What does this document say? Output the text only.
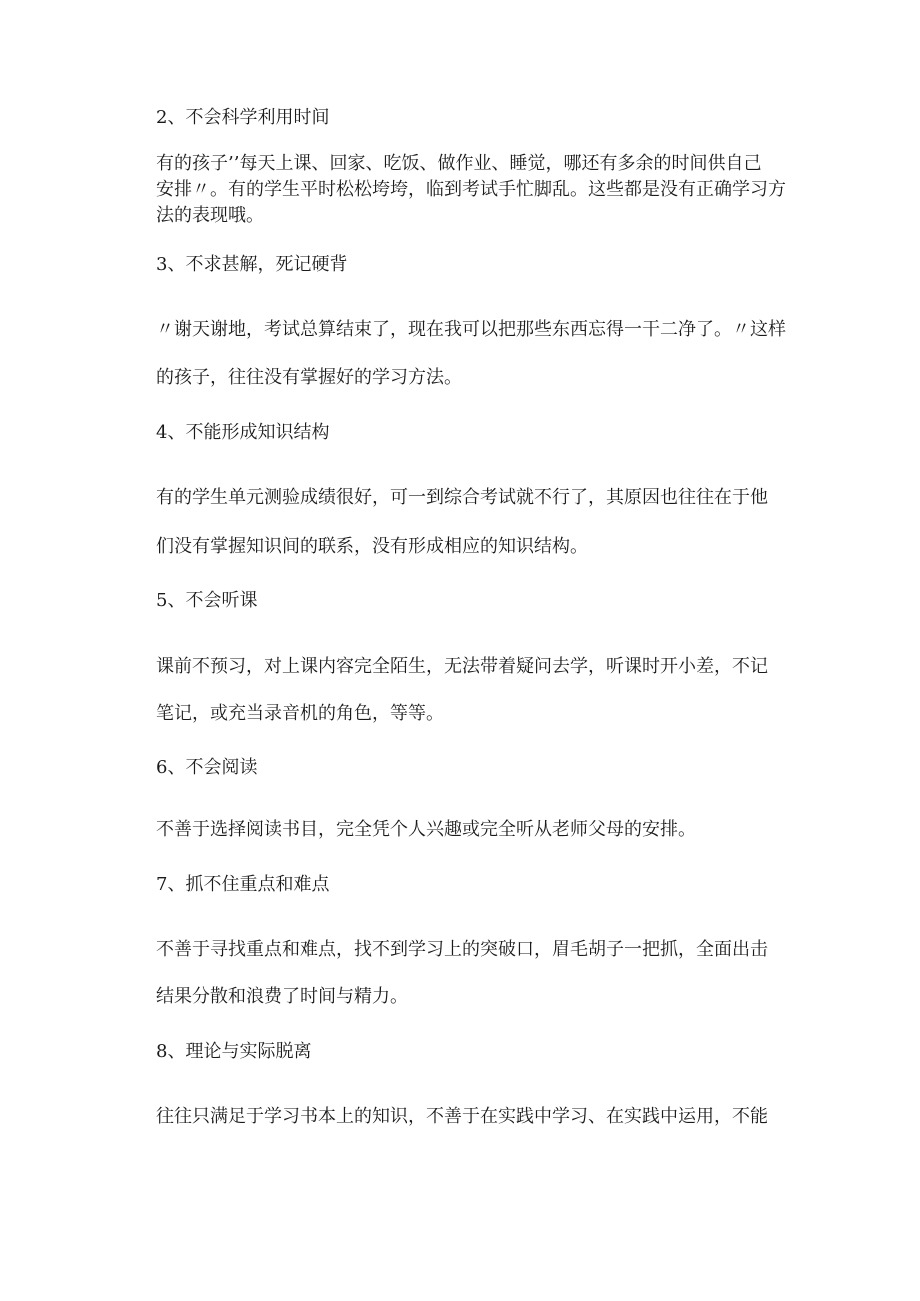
2、不会科学利用时间
有的孩子’’每天上课、回家、吃饭、做作业、睡觉，哪还有多余的时间供自己
安排〃。有的学生平时松松垮垮，临到考试手忙脚乱。这些都是没有正确学习方
法的表现哦。
3、不求甚解，死记硬背
〃谢天谢地，考试总算结束了，现在我可以把那些东西忘得一干二净了。〃这样
的孩子，往往没有掌握好的学习方法。
4、不能形成知识结构
有的学生单元测验成绩很好，可一到综合考试就不行了，其原因也往往在于他
们没有掌握知识间的联系，没有形成相应的知识结构。
5、不会听课
课前不预习，对上课内容完全陌生，无法带着疑问去学，听课时开小差，不记
笔记，或充当录音机的角色，等等。
6、不会阅读
不善于选择阅读书目，完全凭个人兴趣或完全听从老师父母的安排。
7、抓不住重点和难点
不善于寻找重点和难点，找不到学习上的突破口，眉毛胡子一把抓，全面出击
结果分散和浪费了时间与精力。
8、理论与实际脱离
往往只满足于学习书本上的知识，不善于在实践中学习、在实践中运用，不能
